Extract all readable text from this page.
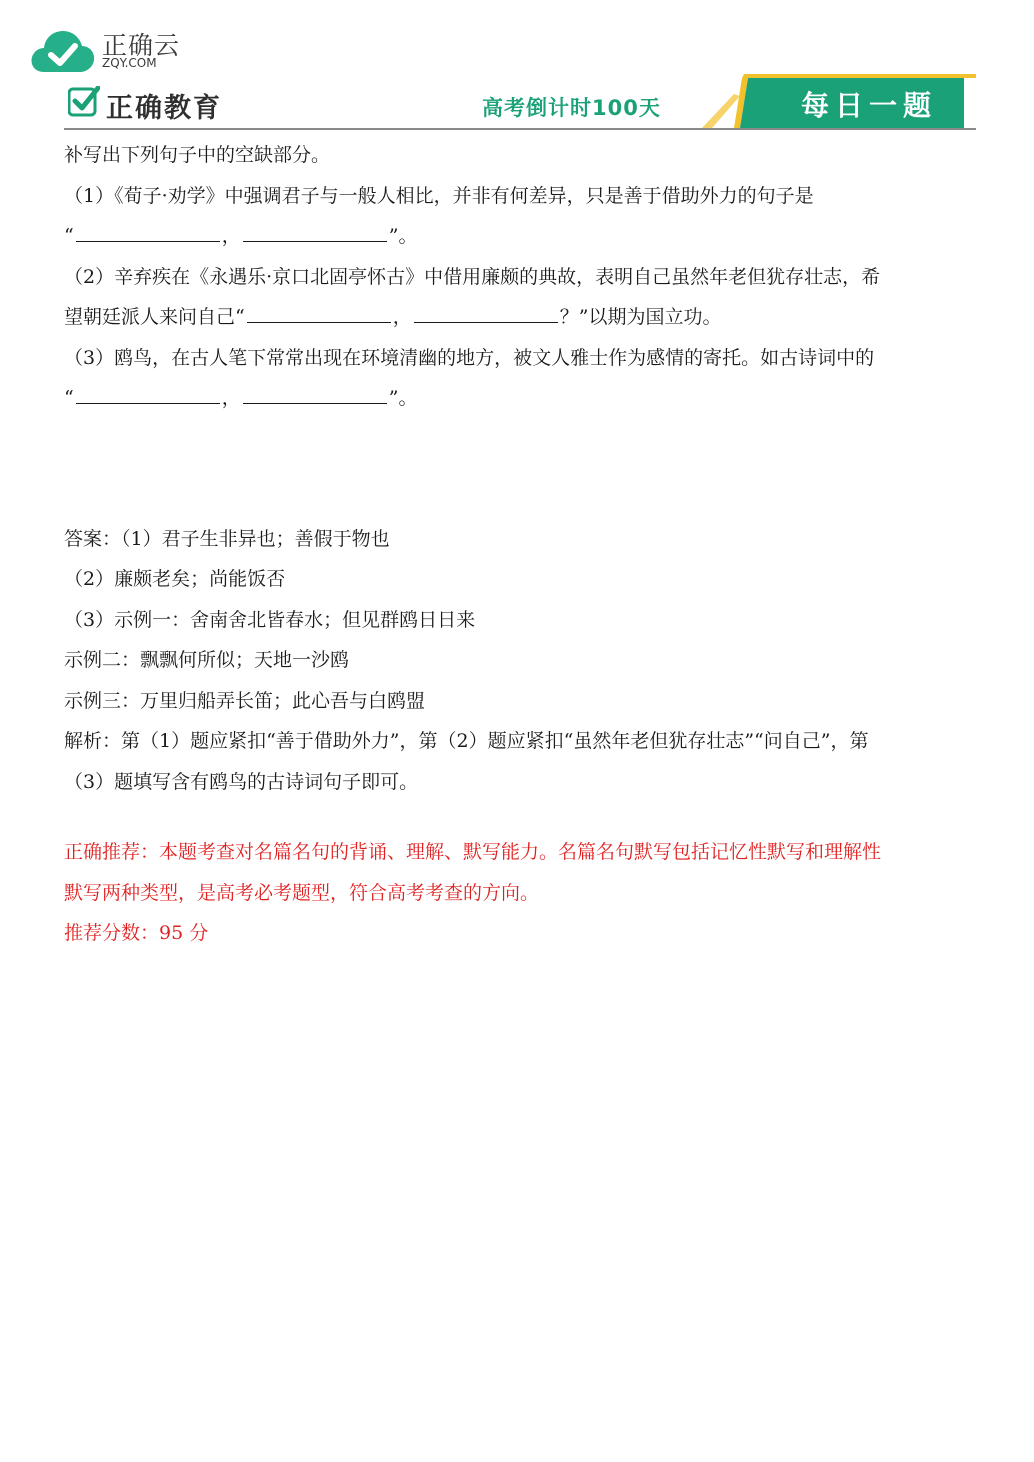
正确云
ZQY.COM
正确教育	高考倒计时100天	每日一题
补写出下列句子中的空缺部分。
（1）《荀子·劝学》中强调君子与一般人相比，并非有何差异，只是善于借助外力的句子是
“	，	”。
（2）辛弃疾在《永遇乐·京口北固亭怀古》中借用廉颇的典故，表明自己虽然年老但犹存壮志，希
望朝廷派人来问自己“	，	？”以期为国立功。
（3）鸥鸟，在古人笔下常常出现在环境清幽的地方，被文人雅士作为感情的寄托。如古诗词中的
“	，	”。
答案：（1）君子生非异也；善假于物也
（2）廉颇老矣；尚能饭否
（3）示例一：舍南舍北皆春水；但见群鸥日日来
示例二：飘飘何所似；天地一沙鸥
示例三：万里归船弄长笛；此心吾与白鸥盟
解析：第（1）题应紧扣“善于借助外力”，第（2）题应紧扣“虽然年老但犹存壮志”“问自己”，第
（3）题填写含有鸥鸟的古诗词句子即可。
正确推荐：本题考查对名篇名句的背诵、理解、默写能力。名篇名句默写包括记忆性默写和理解性
默写两种类型，是高考必考题型，符合高考考查的方向。
推荐分数：95 分
